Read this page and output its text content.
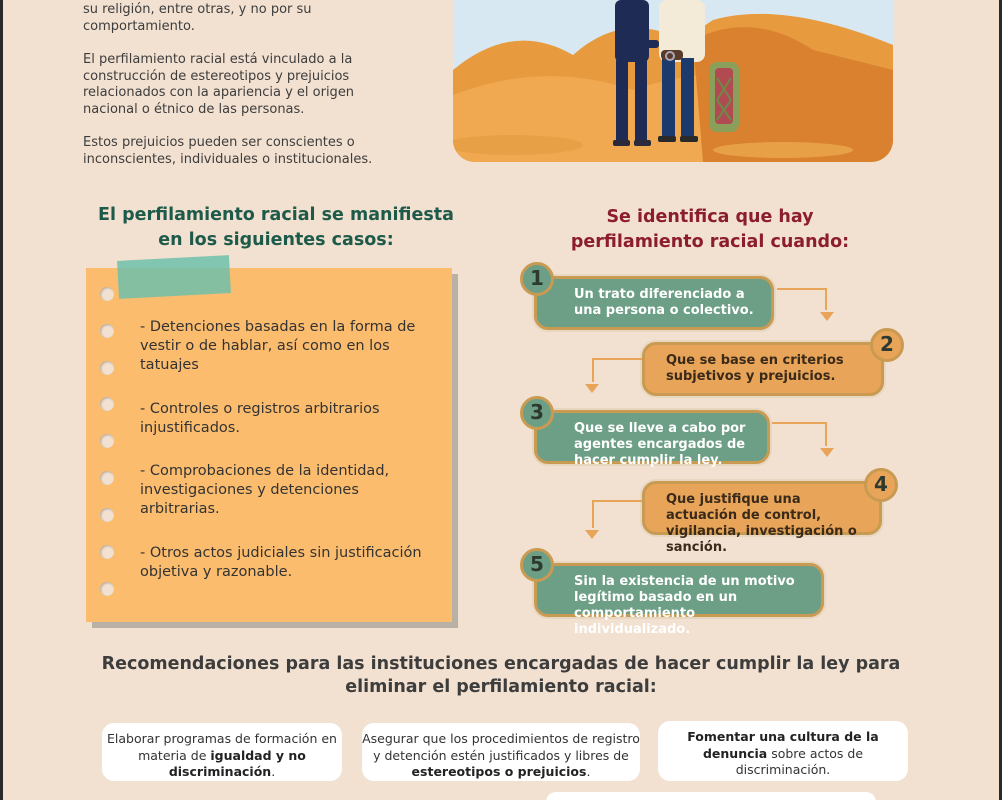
su religión, entre otras, y no por su comportamiento.

El perfilamiento racial está vinculado a la construcción de estereotipos y prejuicios relacionados con la apariencia y el origen nacional o étnico de las personas.

Estos prejuicios pueden ser conscientes o inconscientes, individuales o institucionales.

El perfilamiento racial se manifiesta en los siguientes casos:
Se identifica que hay perfilamiento racial cuando:
- Detenciones basadas en la forma de vestir o de hablar, así como en los tatuajes
- Controles o registros arbitrarios injustificados.
- Comprobaciones de la identidad, investigaciones y detenciones arbitrarias.
- Otros actos judiciales sin justificación objetiva y razonable.
Un trato diferenciado a una persona o colectivo.
1
Que se base en criterios subjetivos y prejuicios.
2
Que se lleve a cabo por agentes encargados de hacer cumplir la ley.
3
Que justifique una actuación de control, vigilancia, investigación o sanción.
4
Sin la existencia de un motivo legítimo basado en un comportamiento individualizado.
5
Recomendaciones para las instituciones encargadas de hacer cumplir la ley para eliminar el perfilamiento racial:
Elaborar programas de formación en materia de igualdad y no discriminación.
Asegurar que los procedimientos de registro y detención estén justificados y libres de estereotipos o prejuicios.
Fomentar una cultura de la denuncia sobre actos de discriminación.
